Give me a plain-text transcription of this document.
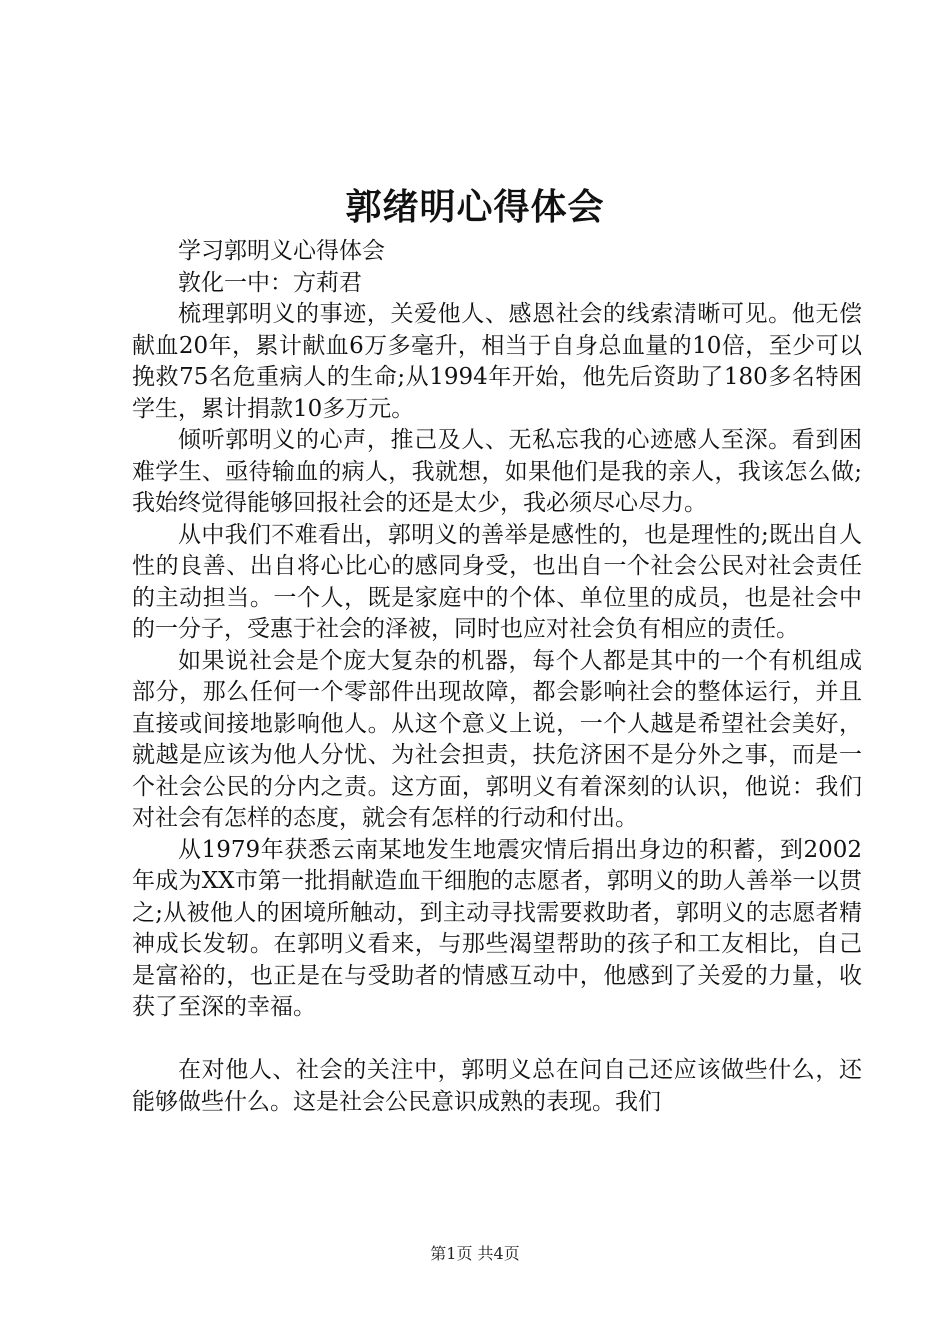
郭绪明心得体会

学习郭明义心得体会

敦化一中：方莉君

梳理郭明义的事迹，关爱他人、感恩社会的线索清晰可见。他无偿献血20年，累计献血6万多毫升，相当于自身总血量的10倍，至少可以挽救75名危重病人的生命;从1994年开始，他先后资助了180多名特困学生，累计捐款10多万元。

倾听郭明义的心声，推己及人、无私忘我的心迹感人至深。看到困难学生、亟待输血的病人，我就想，如果他们是我的亲人，我该怎么做;我始终觉得能够回报社会的还是太少，我必须尽心尽力。

从中我们不难看出，郭明义的善举是感性的，也是理性的;既出自人性的良善、出自将心比心的感同身受，也出自一个社会公民对社会责任的主动担当。一个人，既是家庭中的个体、单位里的成员，也是社会中的一分子，受惠于社会的泽被，同时也应对社会负有相应的责任。

如果说社会是个庞大复杂的机器，每个人都是其中的一个有机组成部分，那么任何一个零部件出现故障，都会影响社会的整体运行，并且直接或间接地影响他人。从这个意义上说，一个人越是希望社会美好，就越是应该为他人分忧、为社会担责，扶危济困不是分外之事，而是一个社会公民的分内之责。这方面，郭明义有着深刻的认识，他说：我们对社会有怎样的态度，就会有怎样的行动和付出。

从1979年获悉云南某地发生地震灾情后捐出身边的积蓄，到2002年成为XX市第一批捐献造血干细胞的志愿者，郭明义的助人善举一以贯之;从被他人的困境所触动，到主动寻找需要救助者，郭明义的志愿者精神成长发轫。在郭明义看来，与那些渴望帮助的孩子和工友相比，自己是富裕的，也正是在与受助者的情感互动中，他感到了关爱的力量，收获了至深的幸福。

在对他人、社会的关注中，郭明义总在问自己还应该做些什么，还能够做些什么。这是社会公民意识成熟的表现。我们

第1页 共4页
